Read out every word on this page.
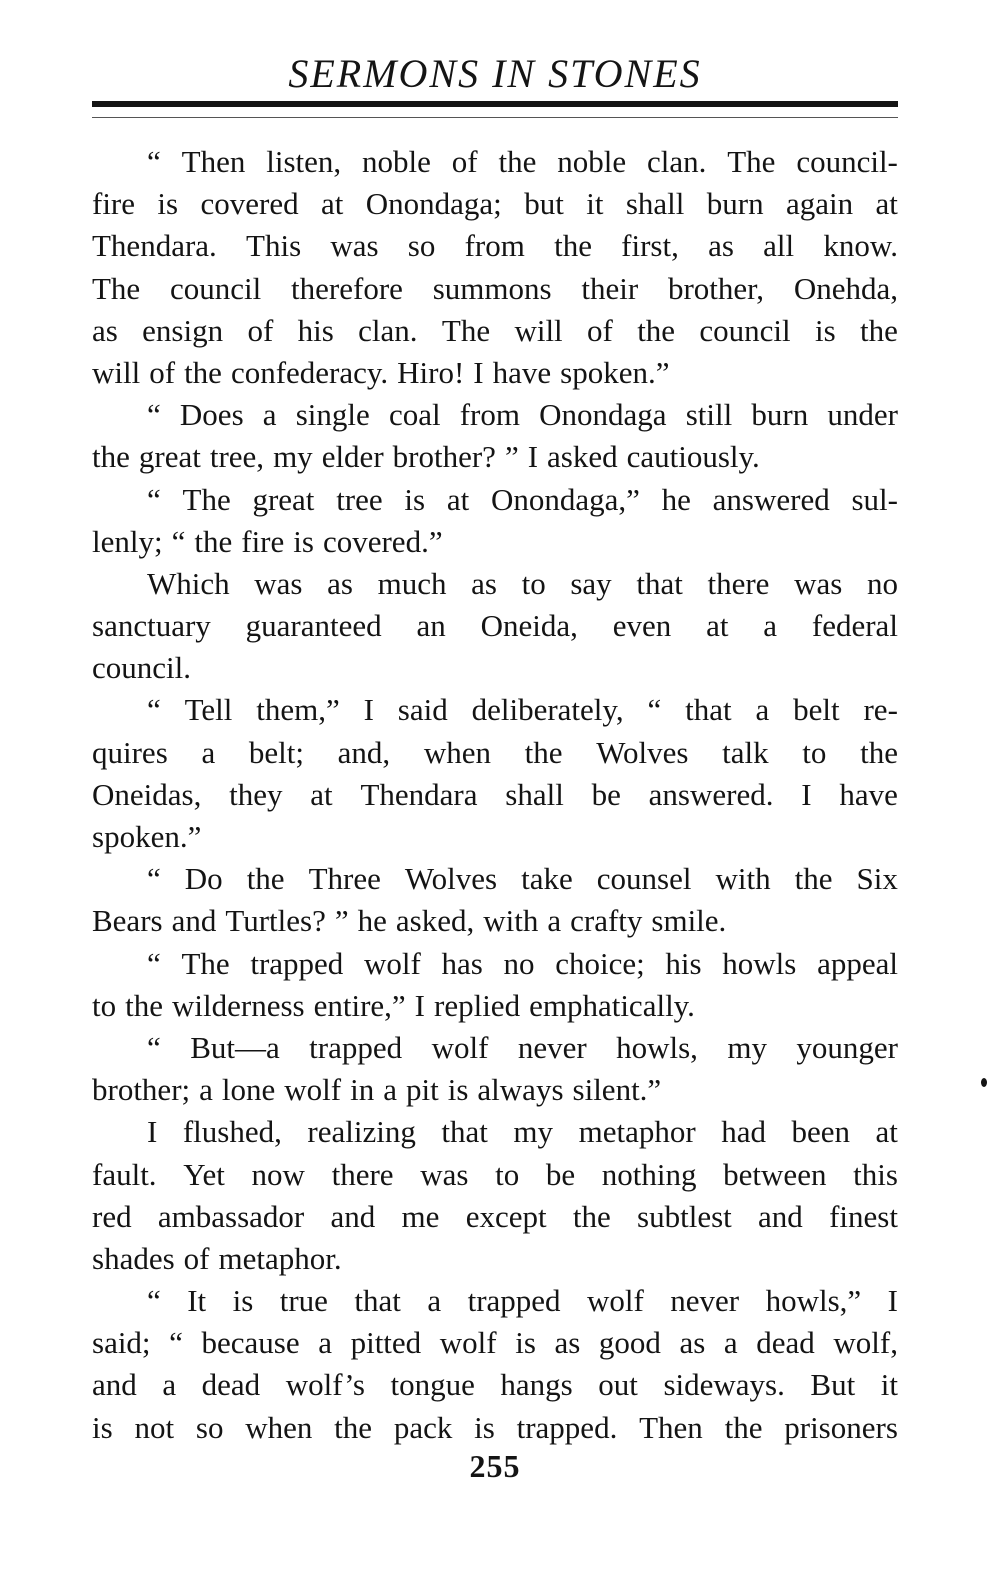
SERMONS IN STONES
“ Then listen, noble of the noble clan. The council-
fire is covered at Onondaga; but it shall burn again at
Thendara. This was so from the first, as all know.
The council therefore summons their brother, Onehda,
as ensign of his clan. The will of the council is the
will of the confederacy. Hiro! I have spoken.”
“ Does a single coal from Onondaga still burn under
the great tree, my elder brother? ” I asked cautiously.
“ The great tree is at Onondaga,” he answered sul-
lenly; “ the fire is covered.”
Which was as much as to say that there was no
sanctuary guaranteed an Oneida, even at a federal
council.
“ Tell them,” I said deliberately, “ that a belt re-
quires a belt; and, when the Wolves talk to the
Oneidas, they at Thendara shall be answered. I have
spoken.”
“ Do the Three Wolves take counsel with the Six
Bears and Turtles? ” he asked, with a crafty smile.
“ The trapped wolf has no choice; his howls appeal
to the wilderness entire,” I replied emphatically.
“ But—a trapped wolf never howls, my younger
brother; a lone wolf in a pit is always silent.”
I flushed, realizing that my metaphor had been at
fault. Yet now there was to be nothing between this
red ambassador and me except the subtlest and finest
shades of metaphor.
“ It is true that a trapped wolf never howls,” I
said; “ because a pitted wolf is as good as a dead wolf,
and a dead wolf’s tongue hangs out sideways. But it
is not so when the pack is trapped. Then the prisoners
255
